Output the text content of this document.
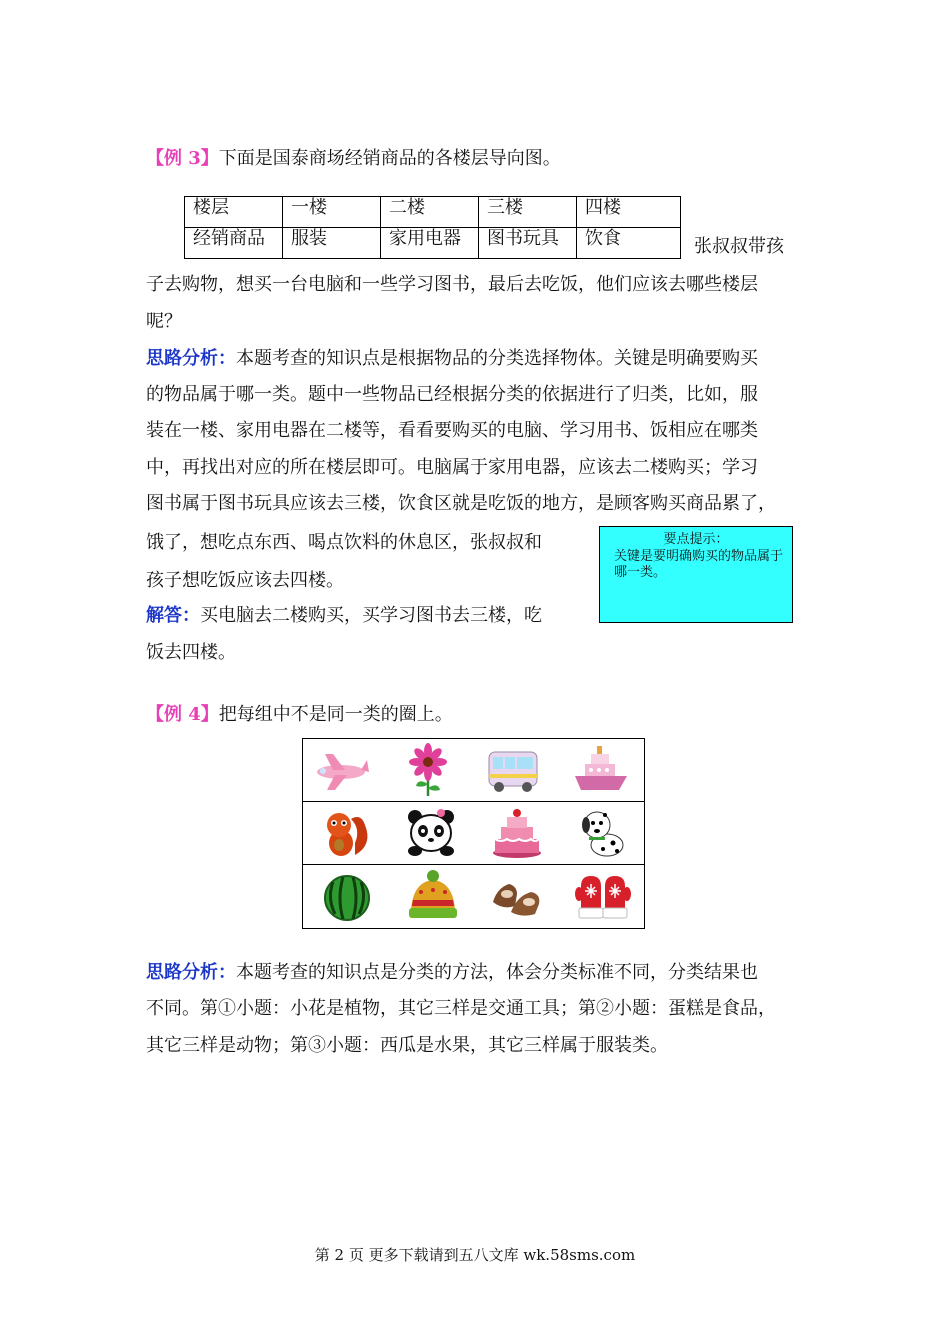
【例 3】下面是国泰商场经销商品的各楼层导向图。
楼层	一楼	二楼	三楼	四楼
经销商品	服装	家用电器	图书玩具	饮食	张叔叔带孩
子去购物，想买一台电脑和一些学习图书，最后去吃饭，他们应该去哪些楼层
呢？
思路分析：本题考查的知识点是根据物品的分类选择物体。关键是明确要购买
的物品属于哪一类。题中一些物品已经根据分类的依据进行了归类，比如，服
装在一楼、家用电器在二楼等，看看要购买的电脑、学习用书、饭相应在哪类
中，再找出对应的所在楼层即可。电脑属于家用电器，应该去二楼购买；学习
图书属于图书玩具应该去三楼，饮食区就是吃饭的地方，是顾客购买商品累了，
饿了，想吃点东西、喝点饮料的休息区，张叔叔和
孩子想吃饭应该去四楼。
解答：买电脑去二楼购买，买学习图书去三楼，吃
饭去四楼。
要点提示：
关键是要明确购买的物品属于哪一类。
【例 4】把每组中不是同一类的圈上。
思路分析：本题考查的知识点是分类的方法，体会分类标准不同，分类结果也
不同。第①小题：小花是植物，其它三样是交通工具；第②小题：蛋糕是食品，
其它三样是动物；第③小题：西瓜是水果，其它三样属于服装类。
第 2 页 更多下载请到五八文库 wk.58sms.com
